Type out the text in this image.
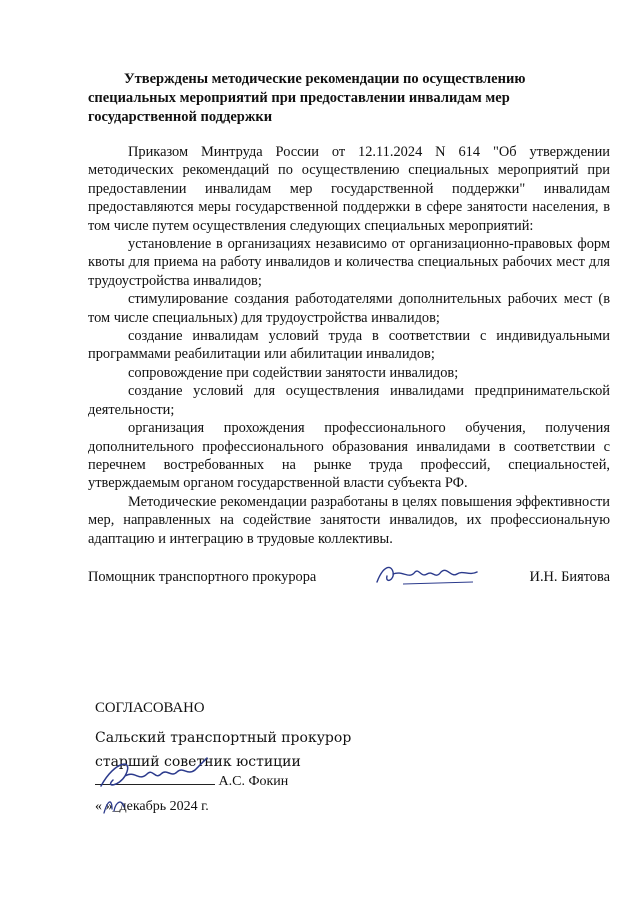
Утверждены методические рекомендации по осуществлению
специальных мероприятий при предоставлении инвалидам мер
государственной поддержки

Приказом Минтруда России от 12.11.2024 N 614 "Об утверждении методических рекомендаций по осуществлению специальных мероприятий при предоставлении инвалидам мер государственной поддержки" инвалидам предоставляются меры государственной поддержки в сфере занятости населения, в том числе путем осуществления следующих специальных мероприятий:

установление в организациях независимо от организационно-правовых форм квоты для приема на работу инвалидов и количества специальных рабочих мест для трудоустройства инвалидов;

стимулирование создания работодателями дополнительных рабочих мест (в том числе специальных) для трудоустройства инвалидов;

создание инвалидам условий труда в соответствии с индивидуальными программами реабилитации или абилитации инвалидов;

сопровождение при содействии занятости инвалидов;

создание условий для осуществления инвалидами предпринимательской деятельности;

организация прохождения профессионального обучения, получения дополнительного профессионального образования инвалидами в соответствии с перечнем востребованных на рынке труда профессий, специальностей, утверждаемым органом государственной власти субъекта РФ.

Методические рекомендации разработаны в целях повышения эффективности мер, направленных на содействие занятости инвалидов, их профессиональную адаптацию и интеграцию в трудовые коллективы.

Помощник транспортного прокурора	И.Н. Биятова
СОГЛАСОВАНО
Сальский транспортный прокурор
старший советник юстиции
А.С. Фокин
« »_декабрь 2024 г.
